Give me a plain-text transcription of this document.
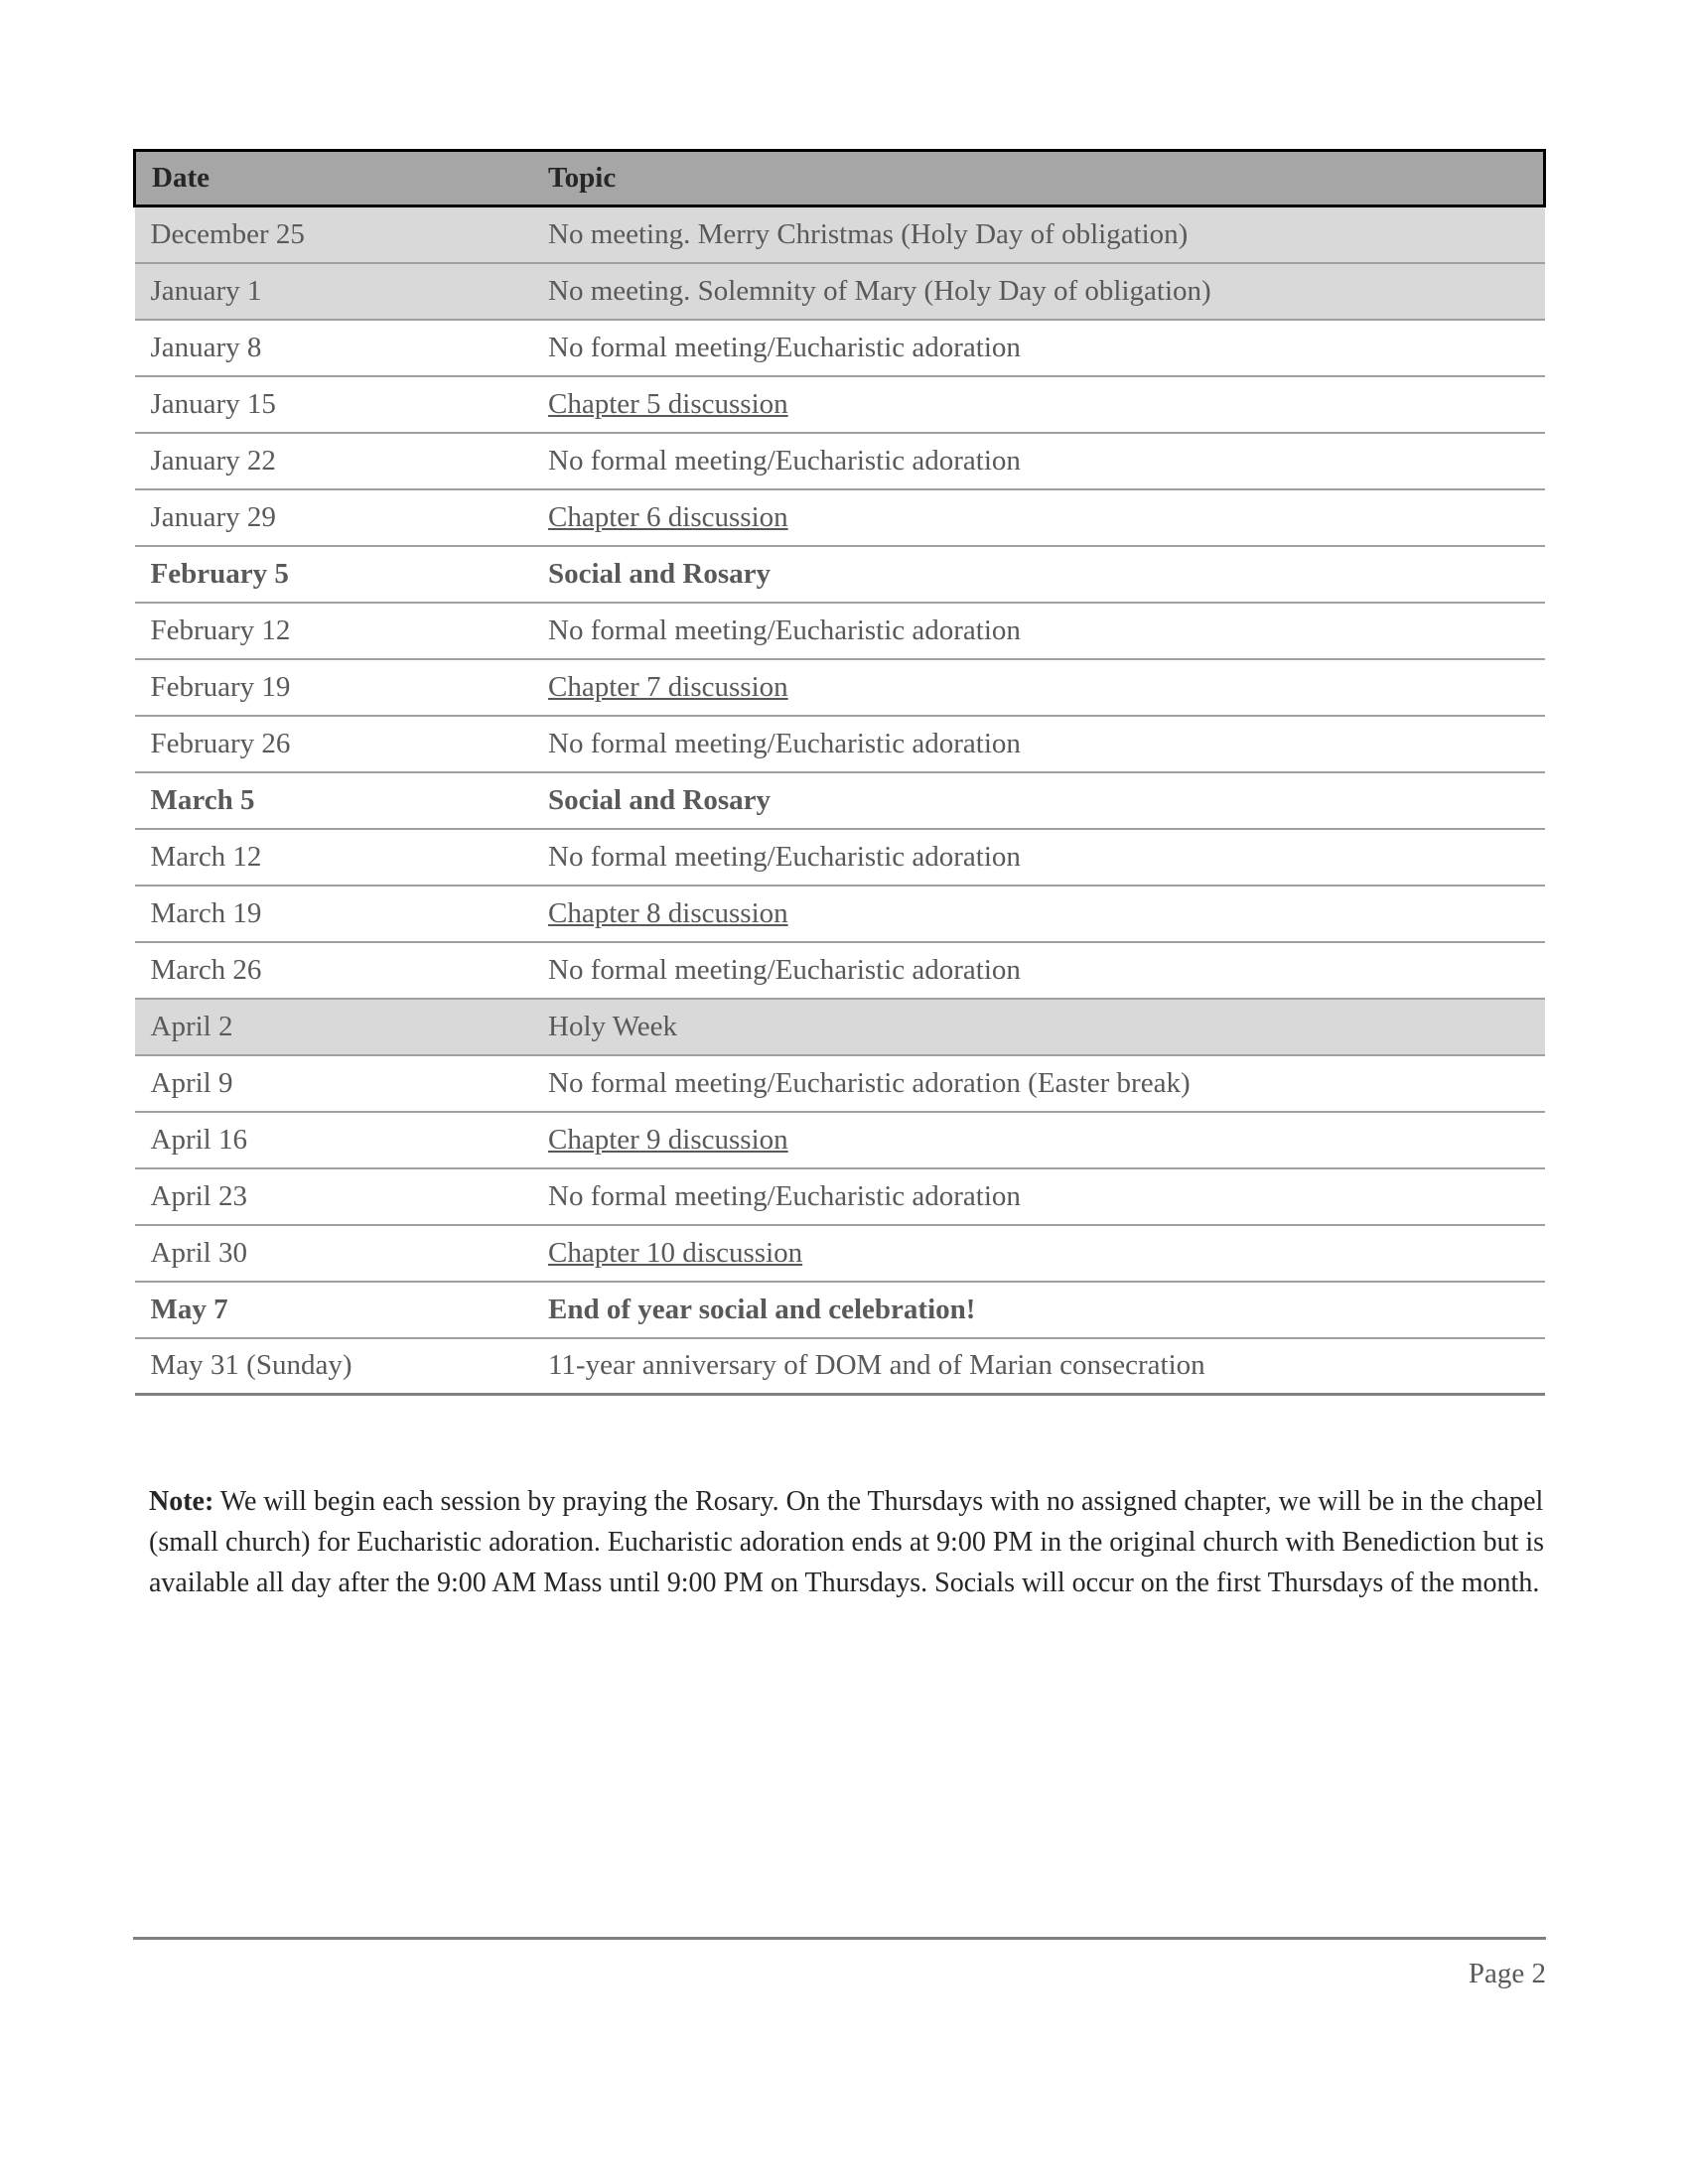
Date	Topic
December 25	No meeting. Merry Christmas (Holy Day of obligation)
January 1	No meeting. Solemnity of Mary (Holy Day of obligation)
January 8	No formal meeting/Eucharistic adoration
January 15	Chapter 5 discussion
January 22	No formal meeting/Eucharistic adoration
January 29	Chapter 6 discussion
February 5	Social and Rosary
February 12	No formal meeting/Eucharistic adoration
February 19	Chapter 7 discussion
February 26	No formal meeting/Eucharistic adoration
March 5	Social and Rosary
March 12	No formal meeting/Eucharistic adoration
March 19	Chapter 8 discussion
March 26	No formal meeting/Eucharistic adoration
April 2	Holy Week
April 9	No formal meeting/Eucharistic adoration (Easter break)
April 16	Chapter 9 discussion
April 23	No formal meeting/Eucharistic adoration
April 30	Chapter 10 discussion
May 7	End of year social and celebration!
May 31 (Sunday)	11-year anniversary of DOM and of Marian consecration
Note: We will begin each session by praying the Rosary. On the Thursdays with no assigned chapter, we will be in the chapel (small church) for Eucharistic adoration. Eucharistic adoration ends at 9:00 PM in the original church with Benediction but is available all day after the 9:00 AM Mass until 9:00 PM on Thursdays. Socials will occur on the first Thursdays of the month.
Page 2
